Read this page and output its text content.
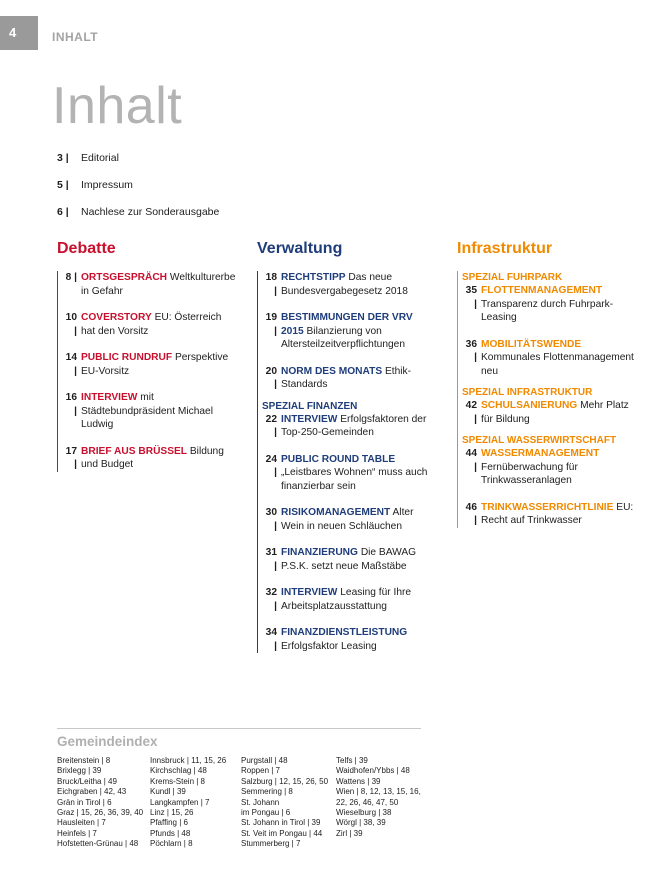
4	INHALT
Inhalt
3 |	Editorial
5 |	Impressum
6 |	Nachlese zur Sonderausgabe
Debatte
8 | ORTSGESPRÄCH Weltkulturerbe in Gefahr
10 |
COVERSTORY EU: Österreich hat den Vorsitz
14 |
PUBLIC RUNDRUF Perspektive EU-Vorsitz
16 |
INTERVIEW mit Städtebundpräsident Michael Ludwig
17 |
BRIEF AUS BRÜSSEL Bildung und Budget
Verwaltung
18 |
RECHTSTIPP Das neue Bundesvergabegesetz 2018
19 |
BESTIMMUNGEN DER VRV 2015 Bilanzierung von Altersteilzeitverpflichtungen
20 |
NORM DES MONATS Ethik-Standards
SPEZIAL FINANZEN
22 |
INTERVIEW Erfolgsfaktoren der Top-250-Gemeinden
24 |
PUBLIC ROUND TABLE „Leistbares Wohnen“ muss auch finanzierbar sein
30 |
RISIKOMANAGEMENT Alter Wein in neuen Schläuchen
31 |
FINANZIERUNG Die BAWAG P.S.K. setzt neue Maßstäbe
32 |
INTERVIEW Leasing für Ihre Arbeitsplatzausstattung
34 |
FINANZDIENSTLEISTUNG Erfolgsfaktor Leasing
Infrastruktur
SPEZIAL FUHRPARK
35 |
FLOTTENMANAGEMENT Transparenz durch Fuhrpark-Leasing
36 |
MOBILITÄTSWENDE Kommunales Flottenmanagement neu
SPEZIAL INFRASTRUKTUR
42 |
SCHULSANIERUNG Mehr Platz für Bildung
SPEZIAL WASSERWIRTSCHAFT
44 |
WASSERMANAGEMENT Fernüberwachung für Trinkwasseranlagen
46 |
TRINKWASSERRICHTLINIE EU: Recht auf Trinkwasser
Gemeindeindex
Breitenstein | 8
Brixlegg | 39
Bruck/Leitha | 49
Eichgraben | 42, 43
Grän in Tirol | 6
Graz | 15, 26, 36, 39, 40
Hausleiten | 7
Heinfels | 7
Hofstetten-Grünau | 48
Innsbruck | 11, 15, 26
Kirchschlag | 48
Krems-Stein | 8
Kundl | 39
Langkampfen | 7
Linz | 15, 26
Pfaffing | 6
Pfunds | 48
Pöchlarn | 8
Purgstall | 48
Roppen | 7
Salzburg | 12, 15, 26, 50
Semmering | 8
St. Johann
im Pongau | 6
St. Johann in Tirol | 39
St. Veit im Pongau | 44
Stummerberg | 7
Telfs | 39
Waidhofen/Ybbs | 48
Wattens | 39
Wien | 8, 12, 13, 15, 16,
22, 26, 46, 47, 50
Wieselburg | 38
Wörgl | 38, 39
Zirl | 39
